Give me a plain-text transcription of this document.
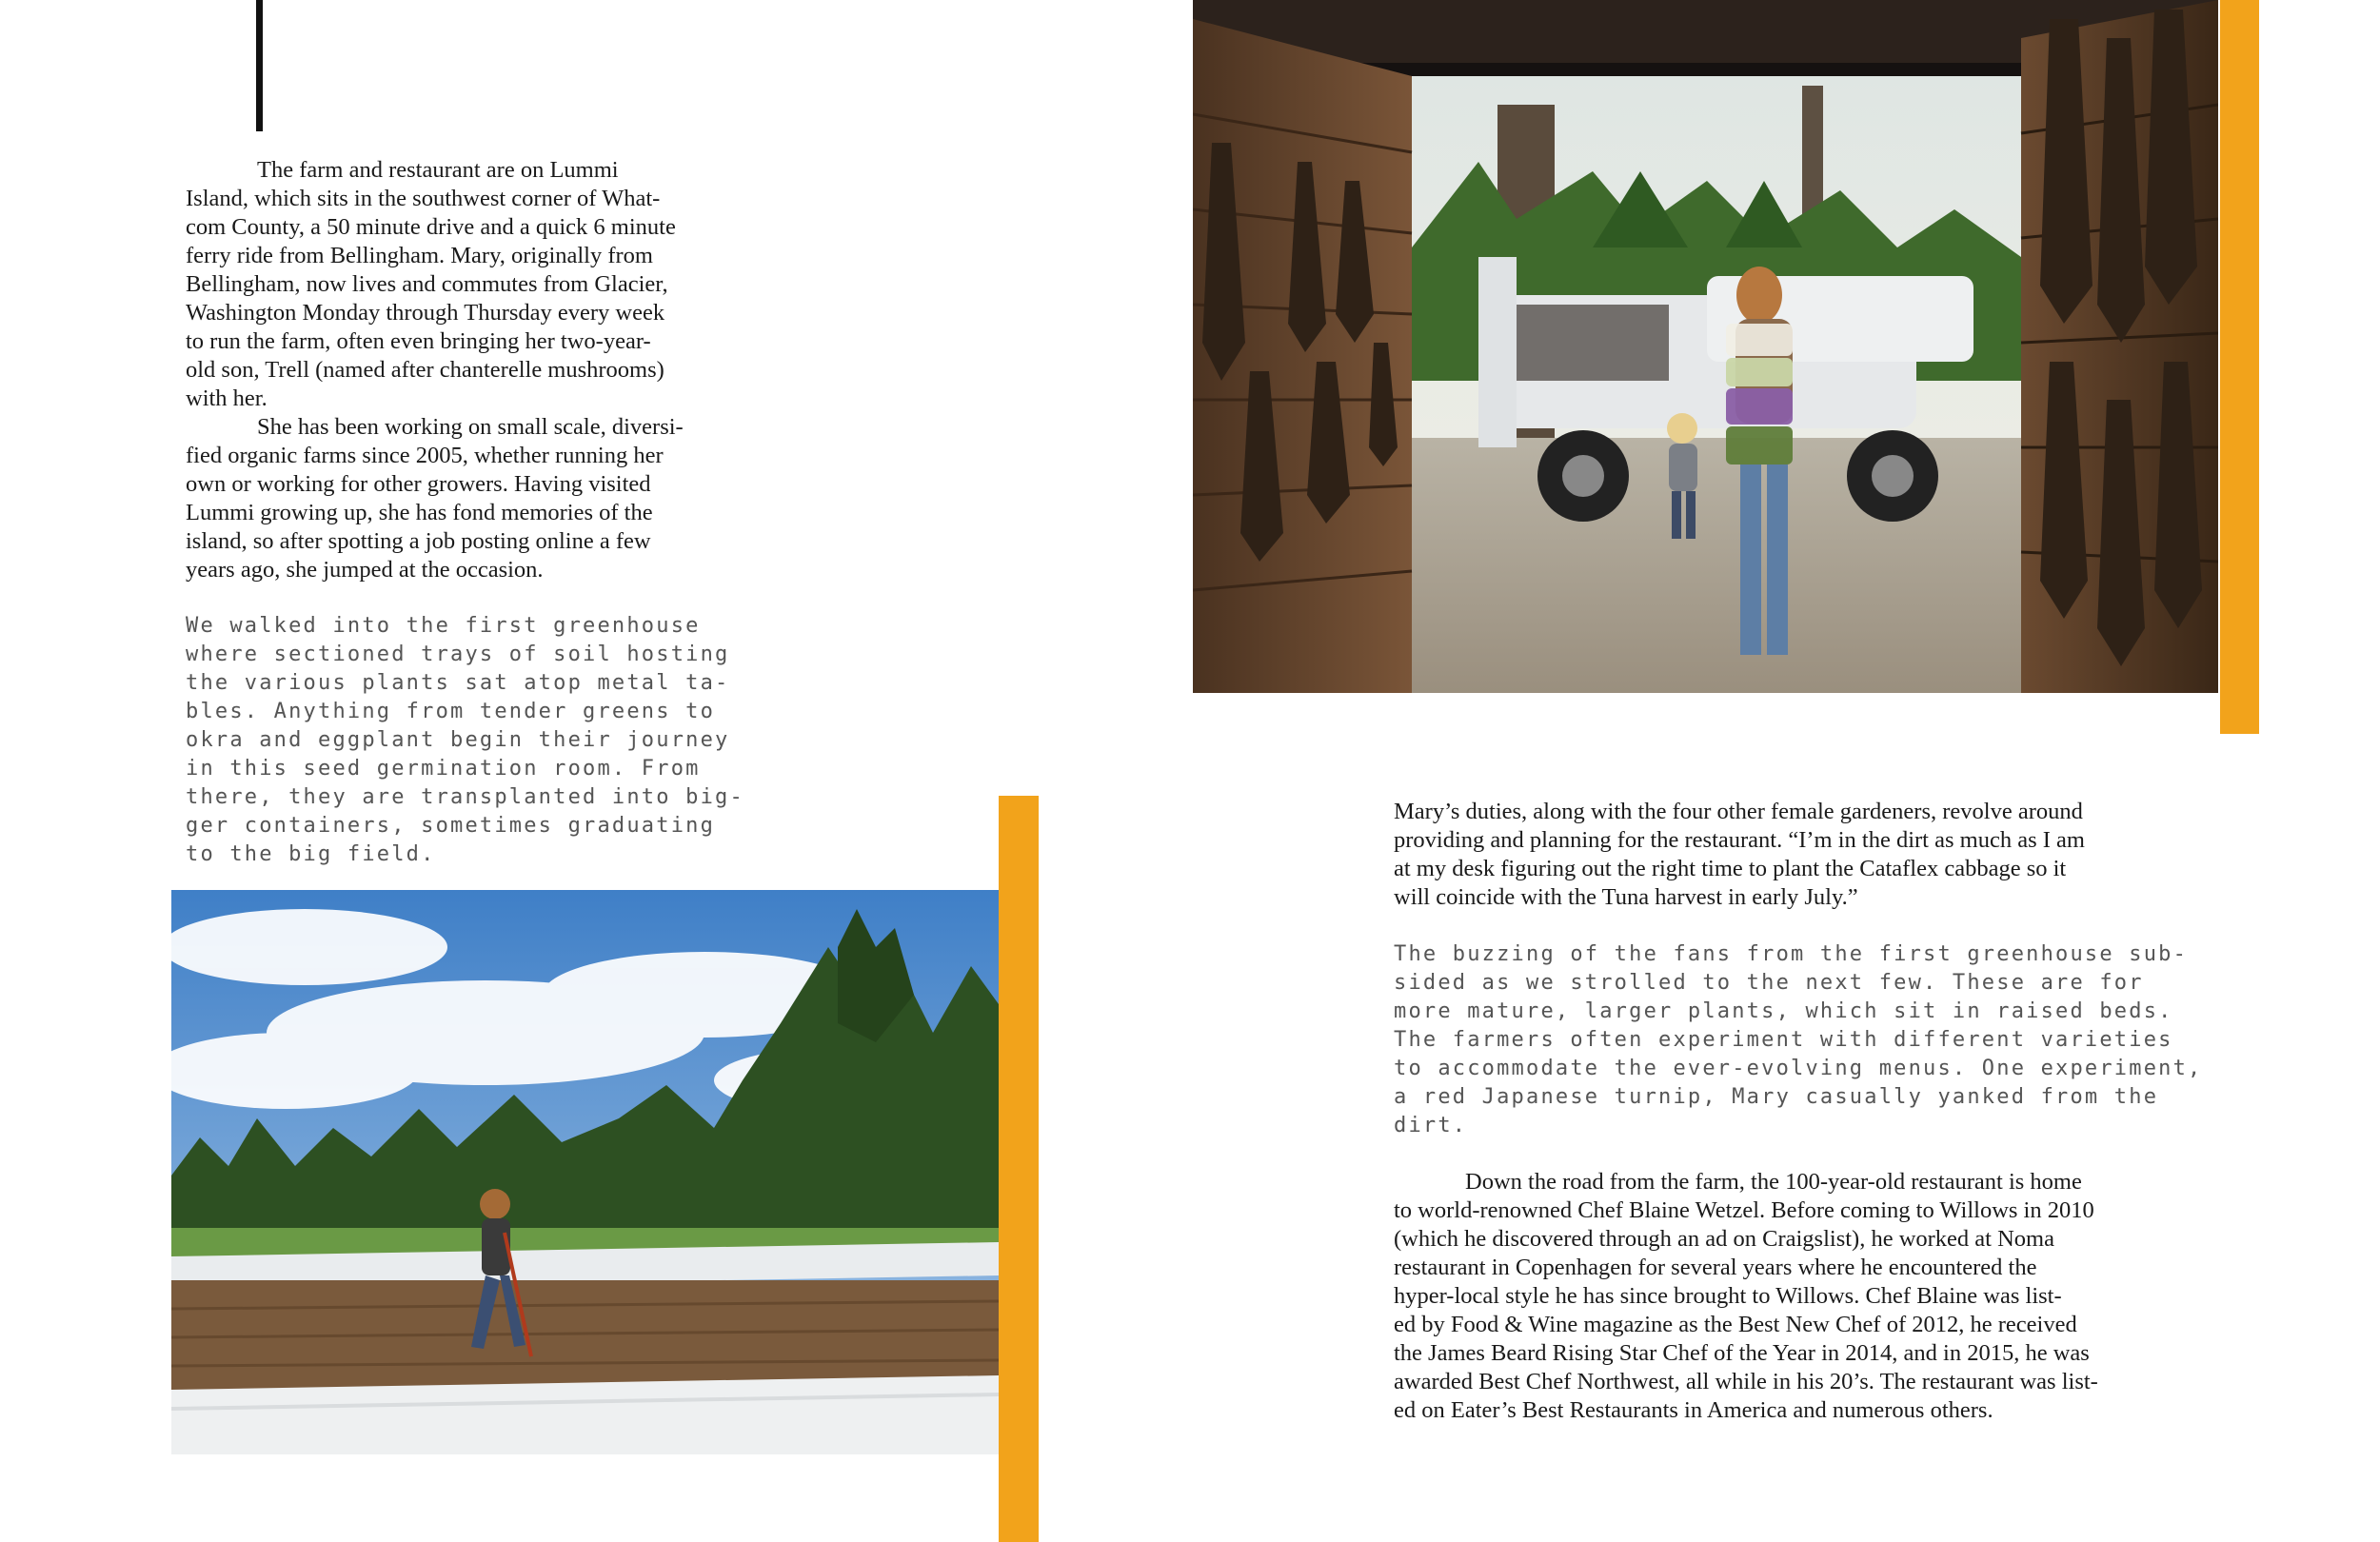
The farm and restaurant are on Lummi
Island, which sits in the southwest corner of What-
com County, a 50 minute drive and a quick 6 minute
ferry ride from Bellingham. Mary, originally from
Bellingham, now lives and commutes from Glacier,
Washington Monday through Thursday every week
to run the farm, often even bringing her two-year-
old son, Trell (named after chanterelle mushrooms)
with her.

She has been working on small scale, diversi-
fied organic farms since 2005, whether running her
own or working for other growers. Having visited
Lummi growing up, she has fond memories of the
island, so after spotting a job posting online a few
years ago, she jumped at the occasion.

We walked into the first greenhouse
where sectioned trays of soil hosting
the various plants sat atop metal ta-
bles. Anything from tender greens to
okra and eggplant begin their journey
in this seed germination room. From
there, they are transplanted into big-
ger containers, sometimes graduating
to the big field.

Mary’s duties, along with the four other female gardeners, revolve around
providing and planning for the restaurant. “I’m in the dirt as much as I am
at my desk figuring out the right time to plant the Cataflex cabbage so it
will coincide with the Tuna harvest in early July.”

The buzzing of the fans from the first greenhouse sub-
sided as we strolled to the next few. These are for
more mature, larger plants, which sit in raised beds.
The farmers often experiment with different varieties
to accommodate the ever-evolving menus. One experiment,
a red Japanese turnip, Mary casually yanked from the
dirt.

Down the road from the farm, the 100-year-old restaurant is home
to world-renowned Chef Blaine Wetzel. Before coming to Willows in 2010
(which he discovered through an ad on Craigslist), he worked at Noma
restaurant in Copenhagen for several years where he encountered the
hyper-local style he has since brought to Willows. Chef Blaine was list-
ed by Food & Wine magazine as the Best New Chef of 2012, he received
the James Beard Rising Star Chef of the Year in 2014, and in 2015, he was
awarded Best Chef Northwest, all while in his 20’s. The restaurant was list-
ed on Eater’s Best Restaurants in America and numerous others.
